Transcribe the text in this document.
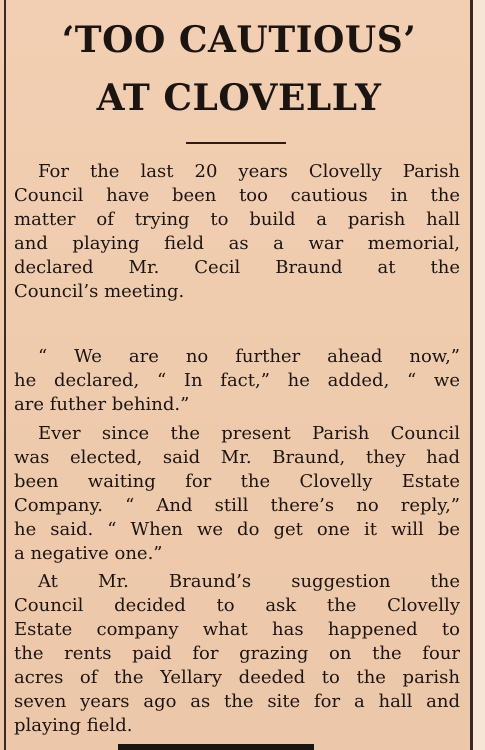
‘TOO CAUTIOUS’
AT CLOVELLY
For the last 20 years Clovelly Parish
Council have been too cautious in the
matter of trying to build a parish hall
and playing field as a war memorial,
declared Mr. Cecil Braund at the
Council’s meeting.
“ We are no further ahead now,”
he declared, “ In fact,” he added, “ we
are futher behind.”
Ever since the present Parish Council
was elected, said Mr. Braund, they had
been waiting for the Clovelly Estate
Company. “ And still there’s no reply,”
he said. “ When we do get one it will be
a negative one.”
At Mr. Braund’s suggestion the
Council decided to ask the Clovelly
Estate company what has happened to
the rents paid for grazing on the four
acres of the Yellary deeded to the parish
seven years ago as the site for a hall and
playing field.
